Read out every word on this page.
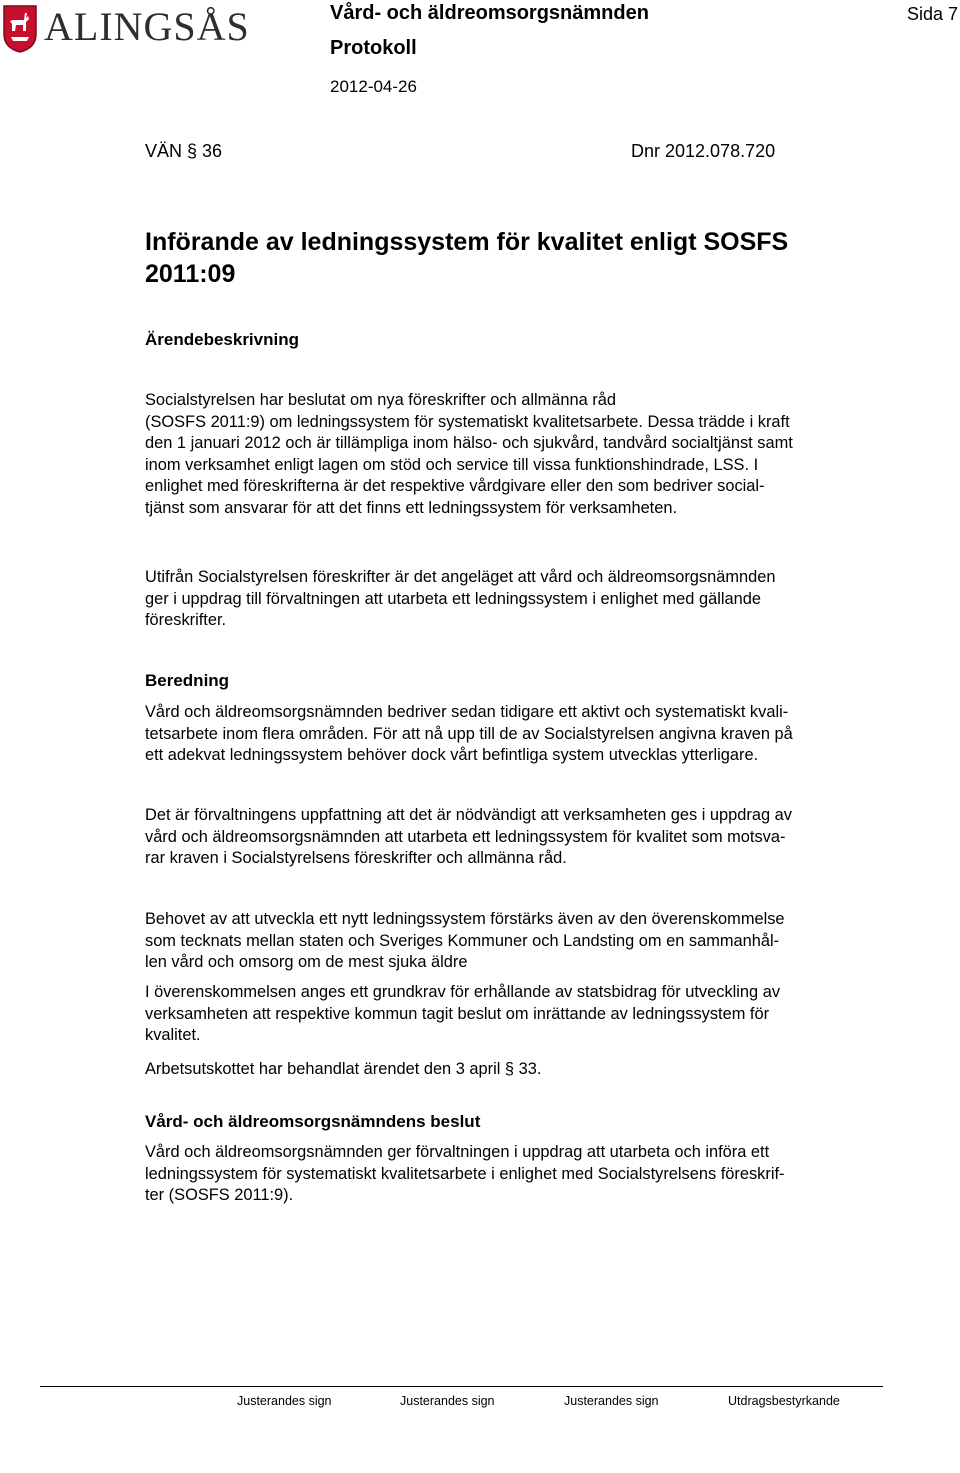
ALINGSÅS	Vård- och äldreomsorgsnämnden
Protokoll
2012-04-26
Sida 7
VÄN § 36	Dnr 2012.078.720
Införande av ledningssystem för kvalitet enligt SOSFS
2011:09
Ärendebeskrivning

Socialstyrelsen har beslutat om nya föreskrifter och allmänna råd
(SOSFS 2011:9) om ledningssystem för systematiskt kvalitetsarbete. Dessa trädde i kraft
den 1 januari 2012 och är tillämpliga inom hälso- och sjukvård, tandvård socialtjänst samt
inom verksamhet enligt lagen om stöd och service till vissa funktionshindrade, LSS. I
enlighet med föreskrifterna är det respektive vårdgivare eller den som bedriver social-
tjänst som ansvarar för att det finns ett ledningssystem för verksamheten.

Utifrån Socialstyrelsen föreskrifter är det angeläget att vård och äldreomsorgsnämnden
ger i uppdrag till förvaltningen att utarbeta ett ledningssystem i enlighet med gällande
föreskrifter.

Beredning

Vård och äldreomsorgsnämnden bedriver sedan tidigare ett aktivt och systematiskt kvali-
tetsarbete inom flera områden. För att nå upp till de av Socialstyrelsen angivna kraven på
ett adekvat ledningssystem behöver dock vårt befintliga system utvecklas ytterligare.

Det är förvaltningens uppfattning att det är nödvändigt att verksamheten ges i uppdrag av
vård och äldreomsorgsnämnden att utarbeta ett ledningssystem för kvalitet som motsva-
rar kraven i Socialstyrelsens föreskrifter och allmänna råd.

Behovet av att utveckla ett nytt ledningssystem förstärks även av den överenskommelse
som tecknats mellan staten och Sveriges Kommuner och Landsting om en sammanhål-
len vård och omsorg om de mest sjuka äldre

I överenskommelsen anges ett grundkrav för erhållande av statsbidrag för utveckling av
verksamheten att respektive kommun tagit beslut om inrättande av ledningssystem för
kvalitet.

Arbetsutskottet har behandlat ärendet den 3 april § 33.

Vård- och äldreomsorgsnämndens beslut

Vård och äldreomsorgsnämnden ger förvaltningen i uppdrag att utarbeta och införa ett
ledningssystem för systematiskt kvalitetsarbete i enlighet med Socialstyrelsens föreskrif-
ter (SOSFS 2011:9).

Justerandes sign	Justerandes sign	Justerandes sign	Utdragsbestyrkande
